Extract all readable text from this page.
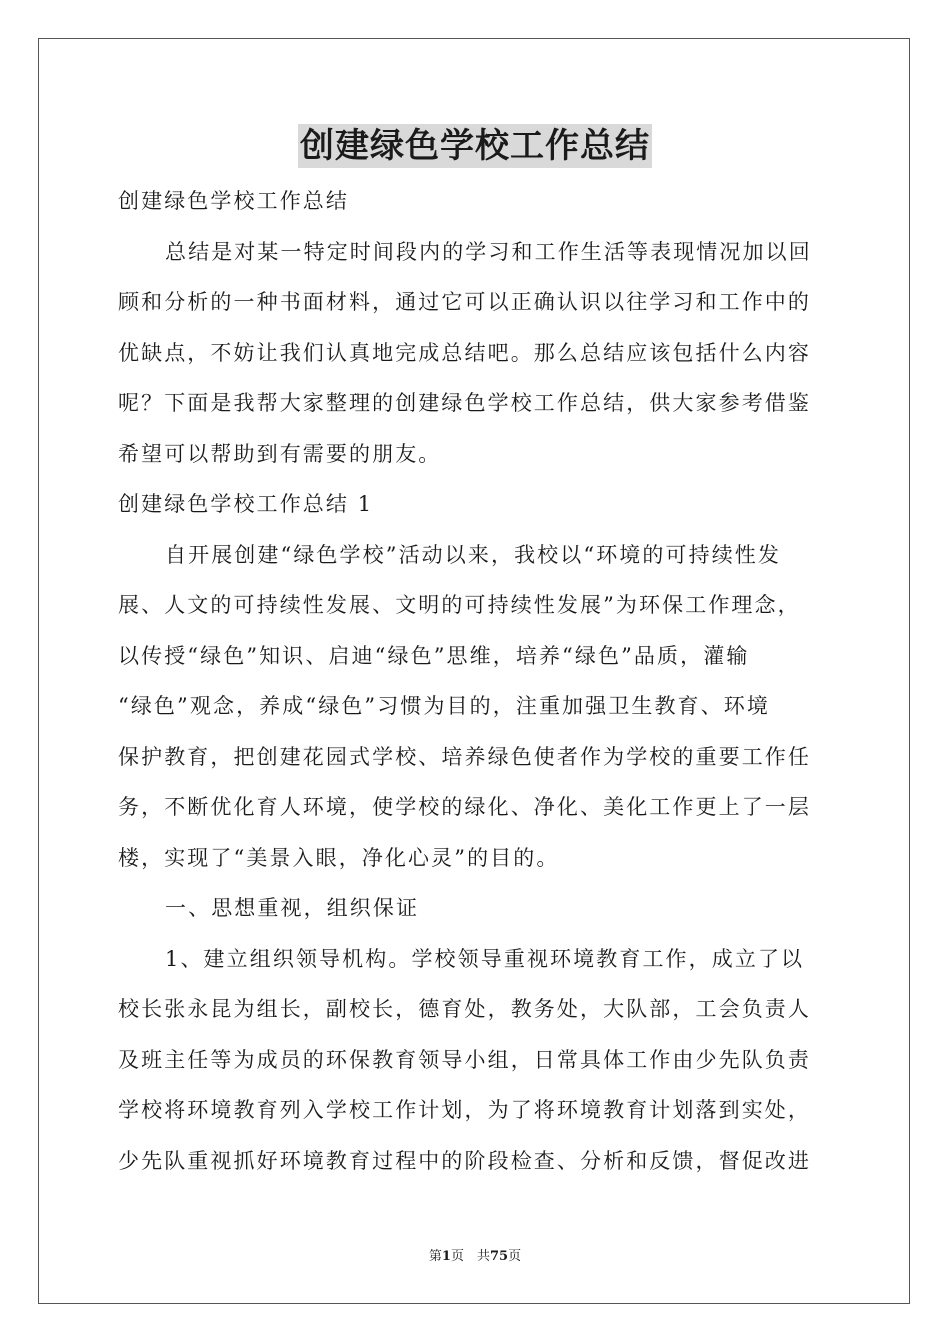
创建绿色学校工作总结
创建绿色学校工作总结
总结是对某一特定时间段内的学习和工作生活等表现情况加以回
顾和分析的一种书面材料，通过它可以正确认识以往学习和工作中的
优缺点，不妨让我们认真地完成总结吧。那么总结应该包括什么内容
呢？下面是我帮大家整理的创建绿色学校工作总结，供大家参考借鉴
希望可以帮助到有需要的朋友。
创建绿色学校工作总结 1
自开展创建“绿色学校”活动以来，我校以“环境的可持续性发
展、人文的可持续性发展、文明的可持续性发展”为环保工作理念，
以传授“绿色”知识、启迪“绿色”思维，培养“绿色”品质，灌输
“绿色”观念，养成“绿色”习惯为目的，注重加强卫生教育、环境
保护教育，把创建花园式学校、培养绿色使者作为学校的重要工作任
务，不断优化育人环境，使学校的绿化、净化、美化工作更上了一层
楼，实现了“美景入眼，净化心灵”的目的。
一、思想重视，组织保证
1、建立组织领导机构。学校领导重视环境教育工作，成立了以
校长张永昆为组长，副校长，德育处，教务处，大队部，工会负责人
及班主任等为成员的环保教育领导小组，日常具体工作由少先队负责
学校将环境教育列入学校工作计划，为了将环境教育计划落到实处，
少先队重视抓好环境教育过程中的阶段检查、分析和反馈，督促改进
第1页　共75页
